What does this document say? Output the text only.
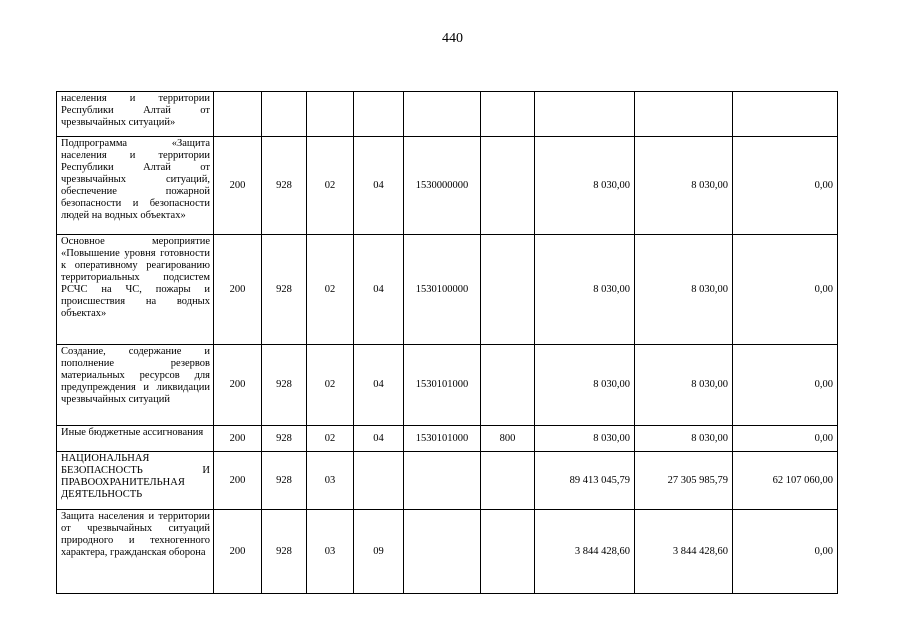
440
населения и территории Республики Алтай от чрезвычайных ситуаций»									
Подпрограмма «Защита населения и территории Республики Алтай от чрезвычайных ситуаций, обеспечение пожарной безопасности и безопасности людей на водных объектах»	200	928	02	04	1530000000		8 030,00	8 030,00	0,00
Основное мероприятие «Повышение уровня готовности к оперативному реагированию территориальных подсистем РСЧС на ЧС, пожары и происшествия на водных объектах»	200	928	02	04	1530100000		8 030,00	8 030,00	0,00
Создание, содержание и пополнение резервов материальных ресурсов для предупреждения и ликвидации чрезвычайных ситуаций	200	928	02	04	1530101000		8 030,00	8 030,00	0,00
Иные бюджетные ассигнования	200	928	02	04	1530101000	800	8 030,00	8 030,00	0,00
НАЦИОНАЛЬНАЯ БЕЗОПАСНОСТЬ И ПРАВООХРАНИТЕЛЬНАЯ ДЕЯТЕЛЬНОСТЬ	200	928	03				89 413 045,79	27 305 985,79	62 107 060,00
Защита населения и территории от чрезвычайных ситуаций природного и техногенного характера, гражданская оборона	200	928	03	09			3 844 428,60	3 844 428,60	0,00
